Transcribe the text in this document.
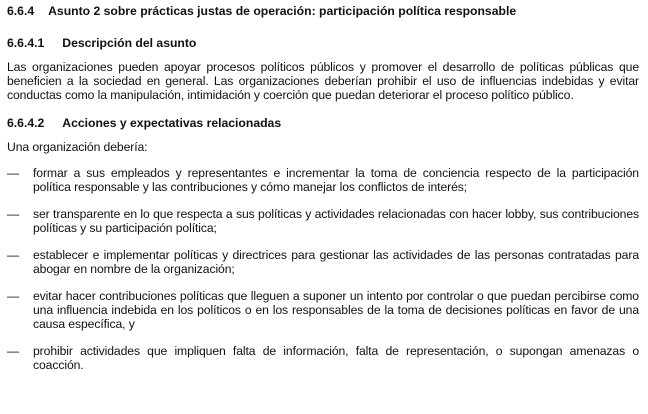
6.6.4 Asunto 2 sobre prácticas justas de operación: participación política responsable
6.6.4.1 Descripción del asunto

Las organizaciones pueden apoyar procesos políticos públicos y promover el desarrollo de políticas públicas que beneficien a la sociedad en general. Las organizaciones deberían prohibir el uso de influencias indebidas y evitar conductas como la manipulación, intimidación y coerción que puedan deteriorar el proceso político público.

6.6.4.2 Acciones y expectativas relacionadas

Una organización debería:

—	formar a sus empleados y representantes e incrementar la toma de conciencia respecto de la participación política responsable y las contribuciones y cómo manejar los conflictos de interés;
—	ser transparente en lo que respecta a sus políticas y actividades relacionadas con hacer lobby, sus contribuciones políticas y su participación política;
—	establecer e implementar políticas y directrices para gestionar las actividades de las personas contratadas para abogar en nombre de la organización;
—	evitar hacer contribuciones políticas que lleguen a suponer un intento por controlar o que puedan percibirse como una influencia indebida en los políticos o en los responsables de la toma de decisiones políticas en favor de una causa específica, y
—	prohibir actividades que impliquen falta de información, falta de representación, o supongan amenazas o coacción.
